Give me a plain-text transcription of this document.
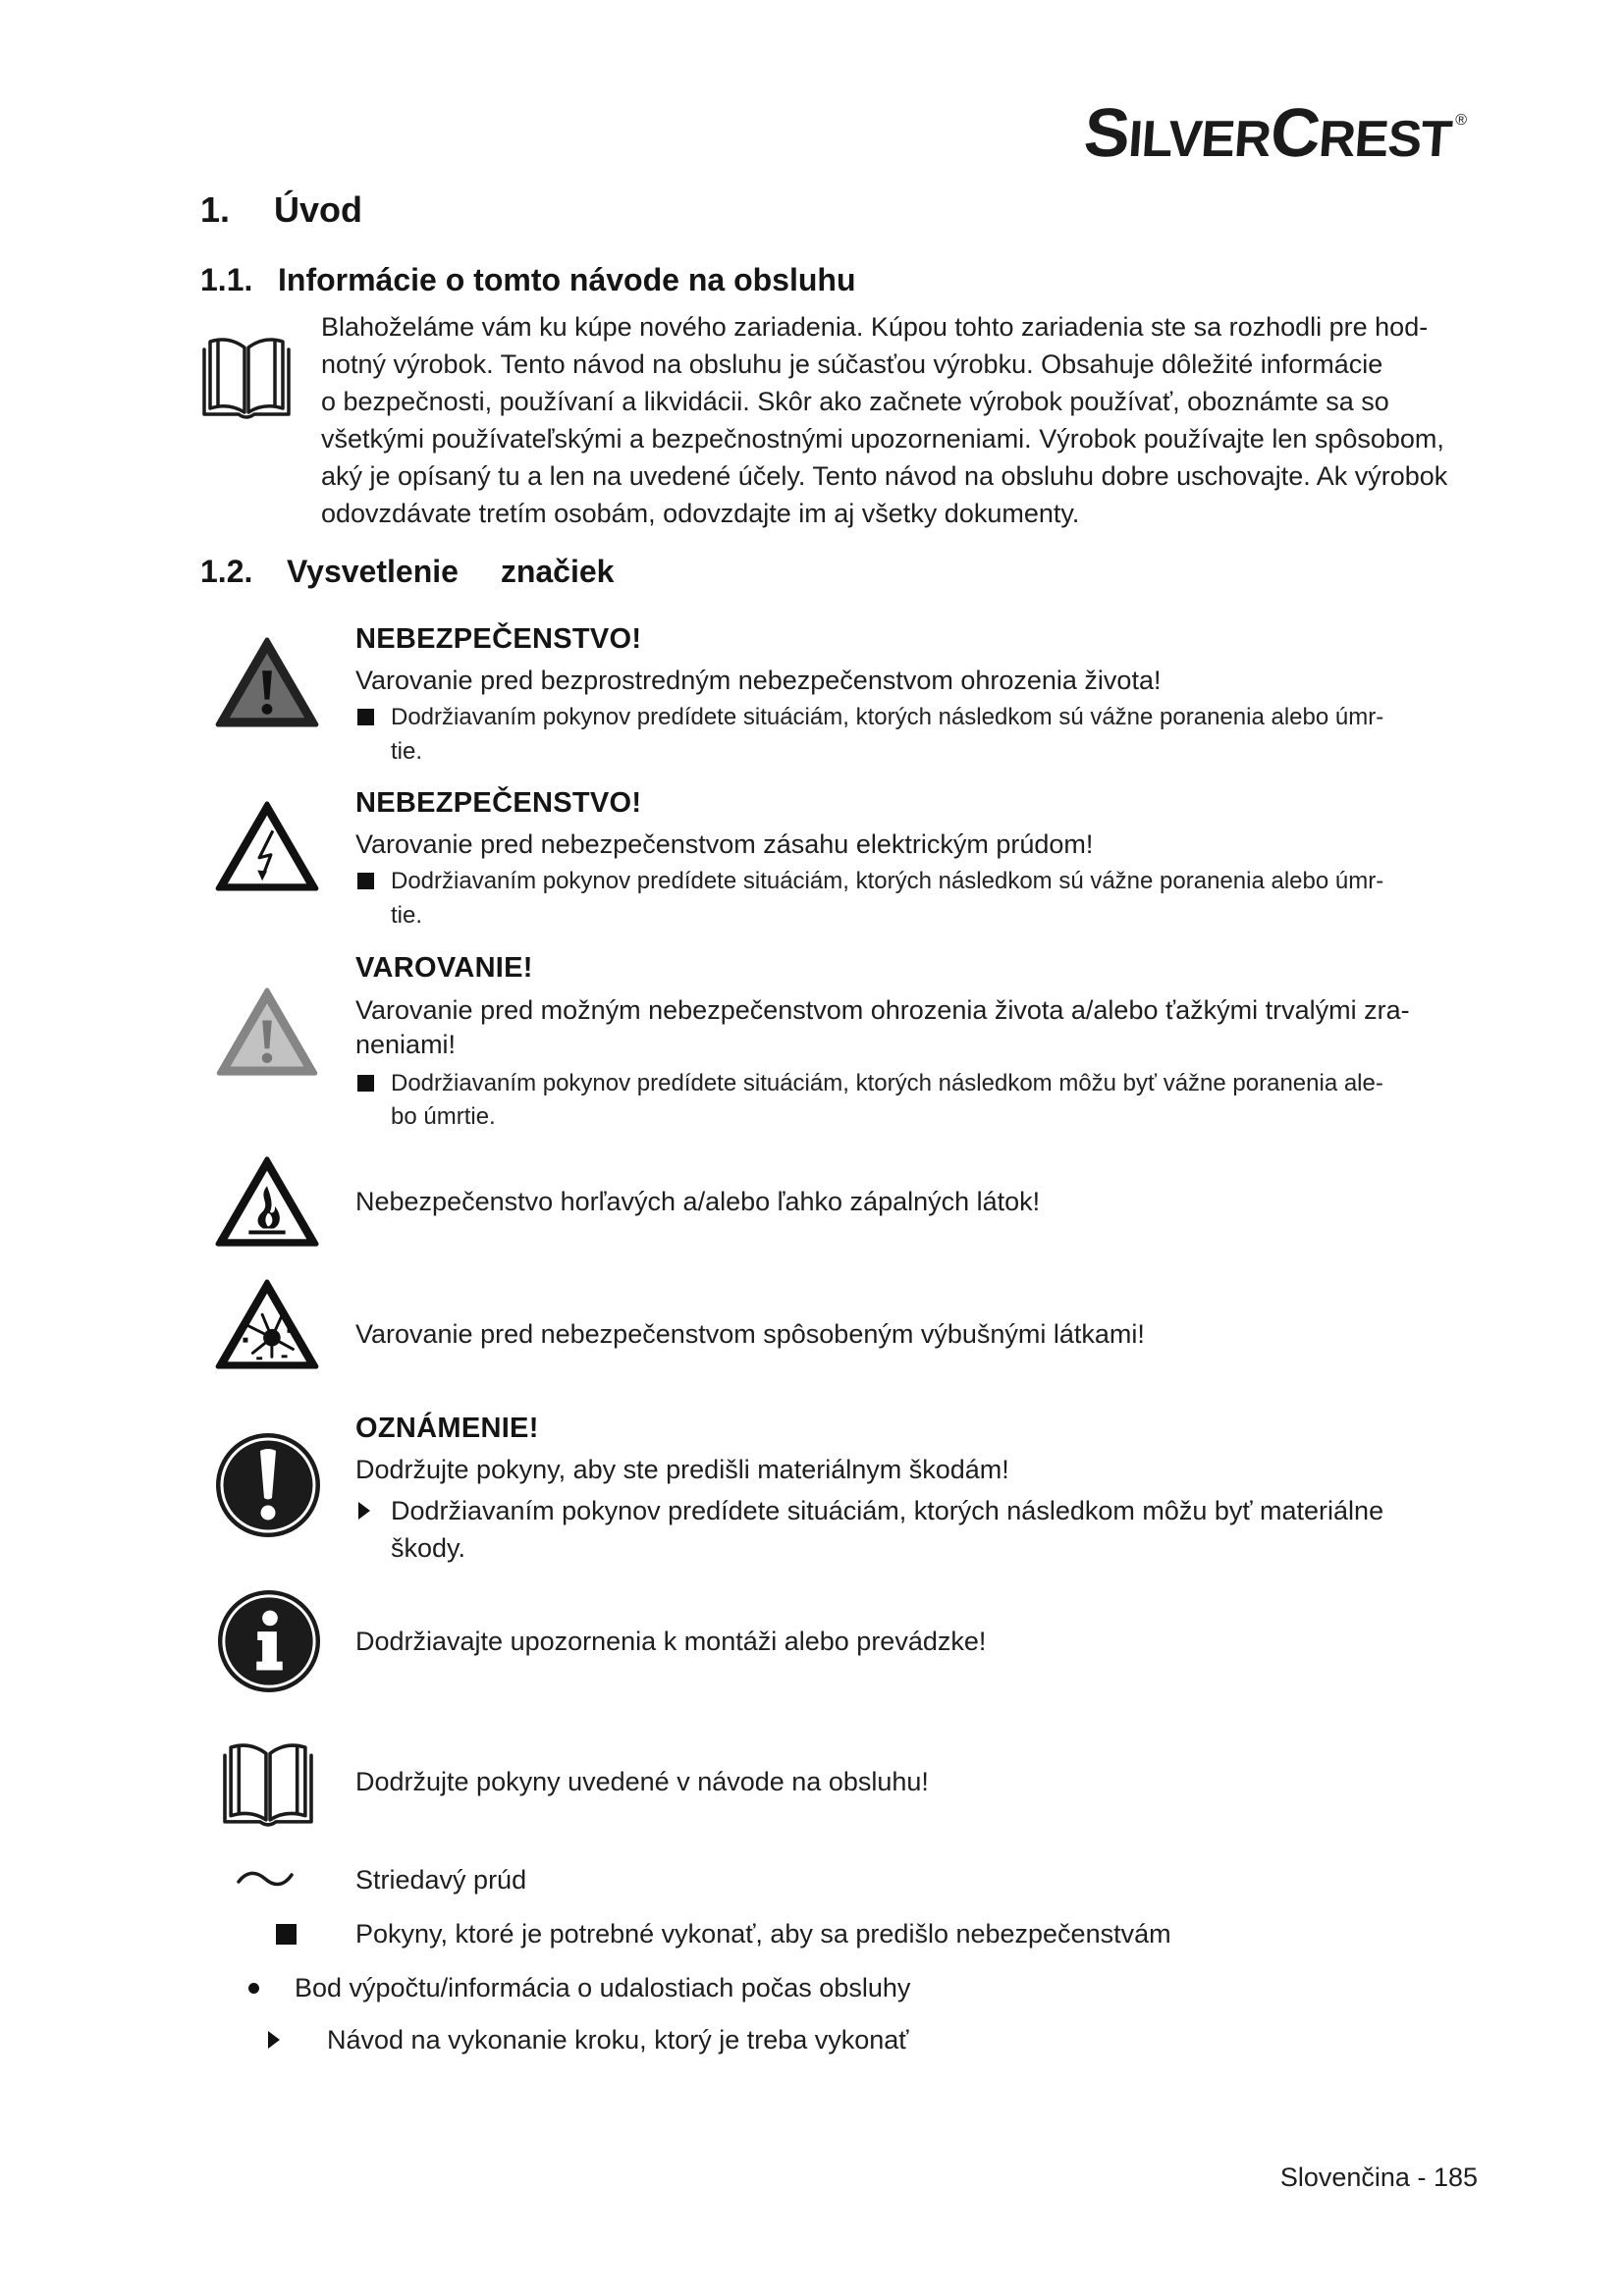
SILVER
CREST ®
1. Úvod
1.1. Informácie o tomto návode na obsluhu
Blahoželáme vám ku kúpe nového zariadenia. Kúpou tohto zariadenia ste sa rozhodli pre hod-
notný výrobok. Tento návod na obsluhu je súčasťou výrobku. Obsahuje dôležité informácie
o bezpečnosti, používaní a likvidácii. Skôr ako začnete výrobok používať, oboznámte sa so
všetkými používateľskými a bezpečnostnými upozorneniami. Výrobok používajte len spôsobom,
aký je opísaný tu a len na uvedené účely. Tento návod na obsluhu dobre uschovajte. Ak výrobok
odovzdávate tretím osobám, odovzdajte im aj všetky dokumenty.
1.2. Vysvetlenie značiek
NEBEZPEČENSTVO!
Varovanie pred bezprostredným nebezpečenstvom ohrozenia života!
Dodržiavaním pokynov predídete situáciám, ktorých následkom sú vážne poranenia alebo úmr-
tie.
NEBEZPEČENSTVO!
Varovanie pred nebezpečenstvom zásahu elektrickým prúdom!
Dodržiavaním pokynov predídete situáciám, ktorých následkom sú vážne poranenia alebo úmr-
tie.
VAROVANIE!
Varovanie pred možným nebezpečenstvom ohrozenia života a/alebo ťažkými trvalými zra-
neniami!
Dodržiavaním pokynov predídete situáciám, ktorých následkom môžu byť vážne poranenia ale-
bo úmrtie.
Nebezpečenstvo horľavých a/alebo ľahko zápalných látok!
Varovanie pred nebezpečenstvom spôsobeným výbušnými látkami!
OZNÁMENIE!
Dodržujte pokyny, aby ste predišli materiálnym škodám!
Dodržiavaním pokynov predídete situáciám, ktorých následkom môžu byť materiálne
škody.
Dodržiavajte upozornenia k montáži alebo prevádzke!
Dodržujte pokyny uvedené v návode na obsluhu!
Striedavý prúd
Pokyny, ktoré je potrebné vykonať, aby sa predišlo nebezpečenstvám
Bod výpočtu/informácia o udalostiach počas obsluhy
Návod na vykonanie kroku, ktorý je treba vykonať
Slovenčina - 185
